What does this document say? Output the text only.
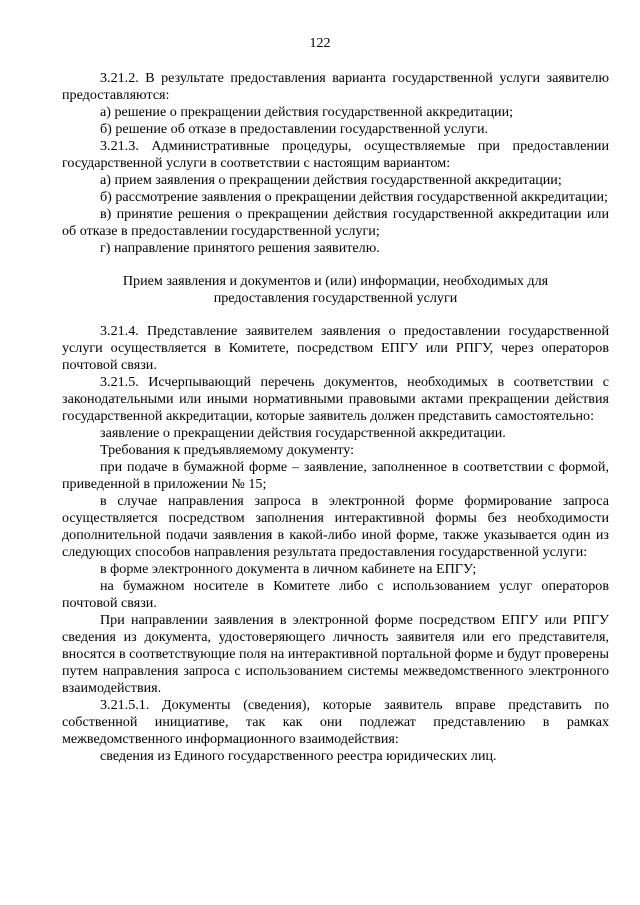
122

3.21.2. В результате предоставления варианта государственной услуги заявителю предоставляются:

а) решение о прекращении действия государственной аккредитации;

б) решение об отказе в предоставлении государственной услуги.

3.21.3. Административные процедуры, осуществляемые при предоставлении государственной услуги в соответствии с настоящим вариантом:

а) прием заявления о прекращении действия государственной аккредитации;

б) рассмотрение заявления о прекращении действия государственной аккредитации;

в) принятие решения о прекращении действия государственной аккредитации или об отказе в предоставлении государственной услуги;

г) направление принятого решения заявителю.

Прием заявления и документов и (или) информации, необходимых для предоставления государственной услуги

3.21.4. Представление заявителем заявления о предоставлении государственной услуги осуществляется в Комитете, посредством ЕПГУ или РПГУ, через операторов почтовой связи.

3.21.5. Исчерпывающий перечень документов, необходимых в соответствии с законодательными или иными нормативными правовыми актами прекращении действия государственной аккредитации, которые заявитель должен представить самостоятельно:

заявление о прекращении действия государственной аккредитации.

Требования к предъявляемому документу:

при подаче в бумажной форме – заявление, заполненное в соответствии с формой, приведенной в приложении № 15;

в случае направления запроса в электронной форме формирование запроса осуществляется посредством заполнения интерактивной формы без необходимости дополнительной подачи заявления в какой-либо иной форме, также указывается один из следующих способов направления результата предоставления государственной услуги:

в форме электронного документа в личном кабинете на ЕПГУ;

на бумажном носителе в Комитете либо с использованием услуг операторов почтовой связи.

При направлении заявления в электронной форме посредством ЕПГУ или РПГУ сведения из документа, удостоверяющего личность заявителя или его представителя, вносятся в соответствующие поля на интерактивной портальной форме и будут проверены путем направления запроса с использованием системы межведомственного электронного взаимодействия.

3.21.5.1. Документы (сведения), которые заявитель вправе представить по собственной инициативе, так как они подлежат представлению в рамках межведомственного информационного взаимодействия:

сведения из Единого государственного реестра юридических лиц.
